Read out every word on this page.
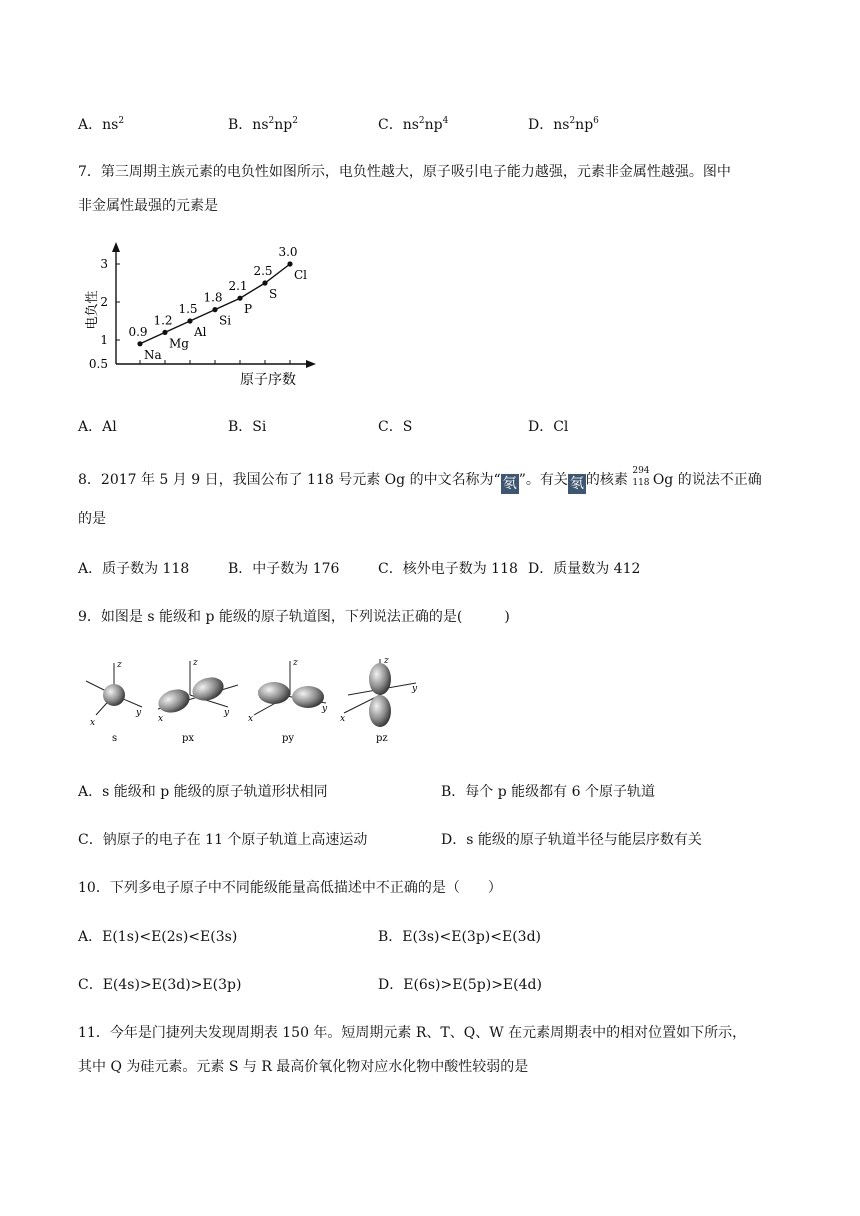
A．$ns^2$	B．$ns^2np^2$	C．$ns^2np^4$	D．$ns^2np^6$
7．第三周期主族元素的电负性如图所示，电负性越大，原子吸引电子能力越强，元素非金属性越强。图中
非金属性最强的元素是
电负性
0.5
1
2
3
0.9
Na
1.2
Mg
1.5
Al
1.8
Si
2.1
P
2.5
S
3.0
Cl
原子序数
A．Al	B．Si	C．S	D．Cl
8．2017 年 5 月 9 日，我国公布了 118 号元素 Og 的中文名称为“ 氡 ”。有关 氡 的核素
294
118 Og 的说法不正确
的是
A．质子数为 118	B．中子数为 176	C．核外电子数为 118 D．质量数为 412
9．如图是 s 能级和 p 能级的原子轨道图，下列说法正确的是(　　　)
z
y
x
s
z
y
x
px
z
y
x
py
z
y
x
pz
A．s 能级和 p 能级的原子轨道形状相同	B．每个 p 能级都有 6 个原子轨道
C．钠原子的电子在 11 个原子轨道上高速运动	D．s 能级的原子轨道半径与能层序数有关
10．下列多电子原子中不同能级能量高低描述中不正确的是（　　）
A．E(1s)<E(2s)<E(3s)	B．E(3s)<E(3p)<E(3d)
C．E(4s)>E(3d)>E(3p)	D．E(6s)>E(5p)>E(4d)
11．今年是门捷列夫发现周期表 150 年。短周期元素 R、T、Q、W 在元素周期表中的相对位置如下所示，
其中 Q 为硅元素。元素 S 与 R 最高价氧化物对应水化物中酸性较弱的是
